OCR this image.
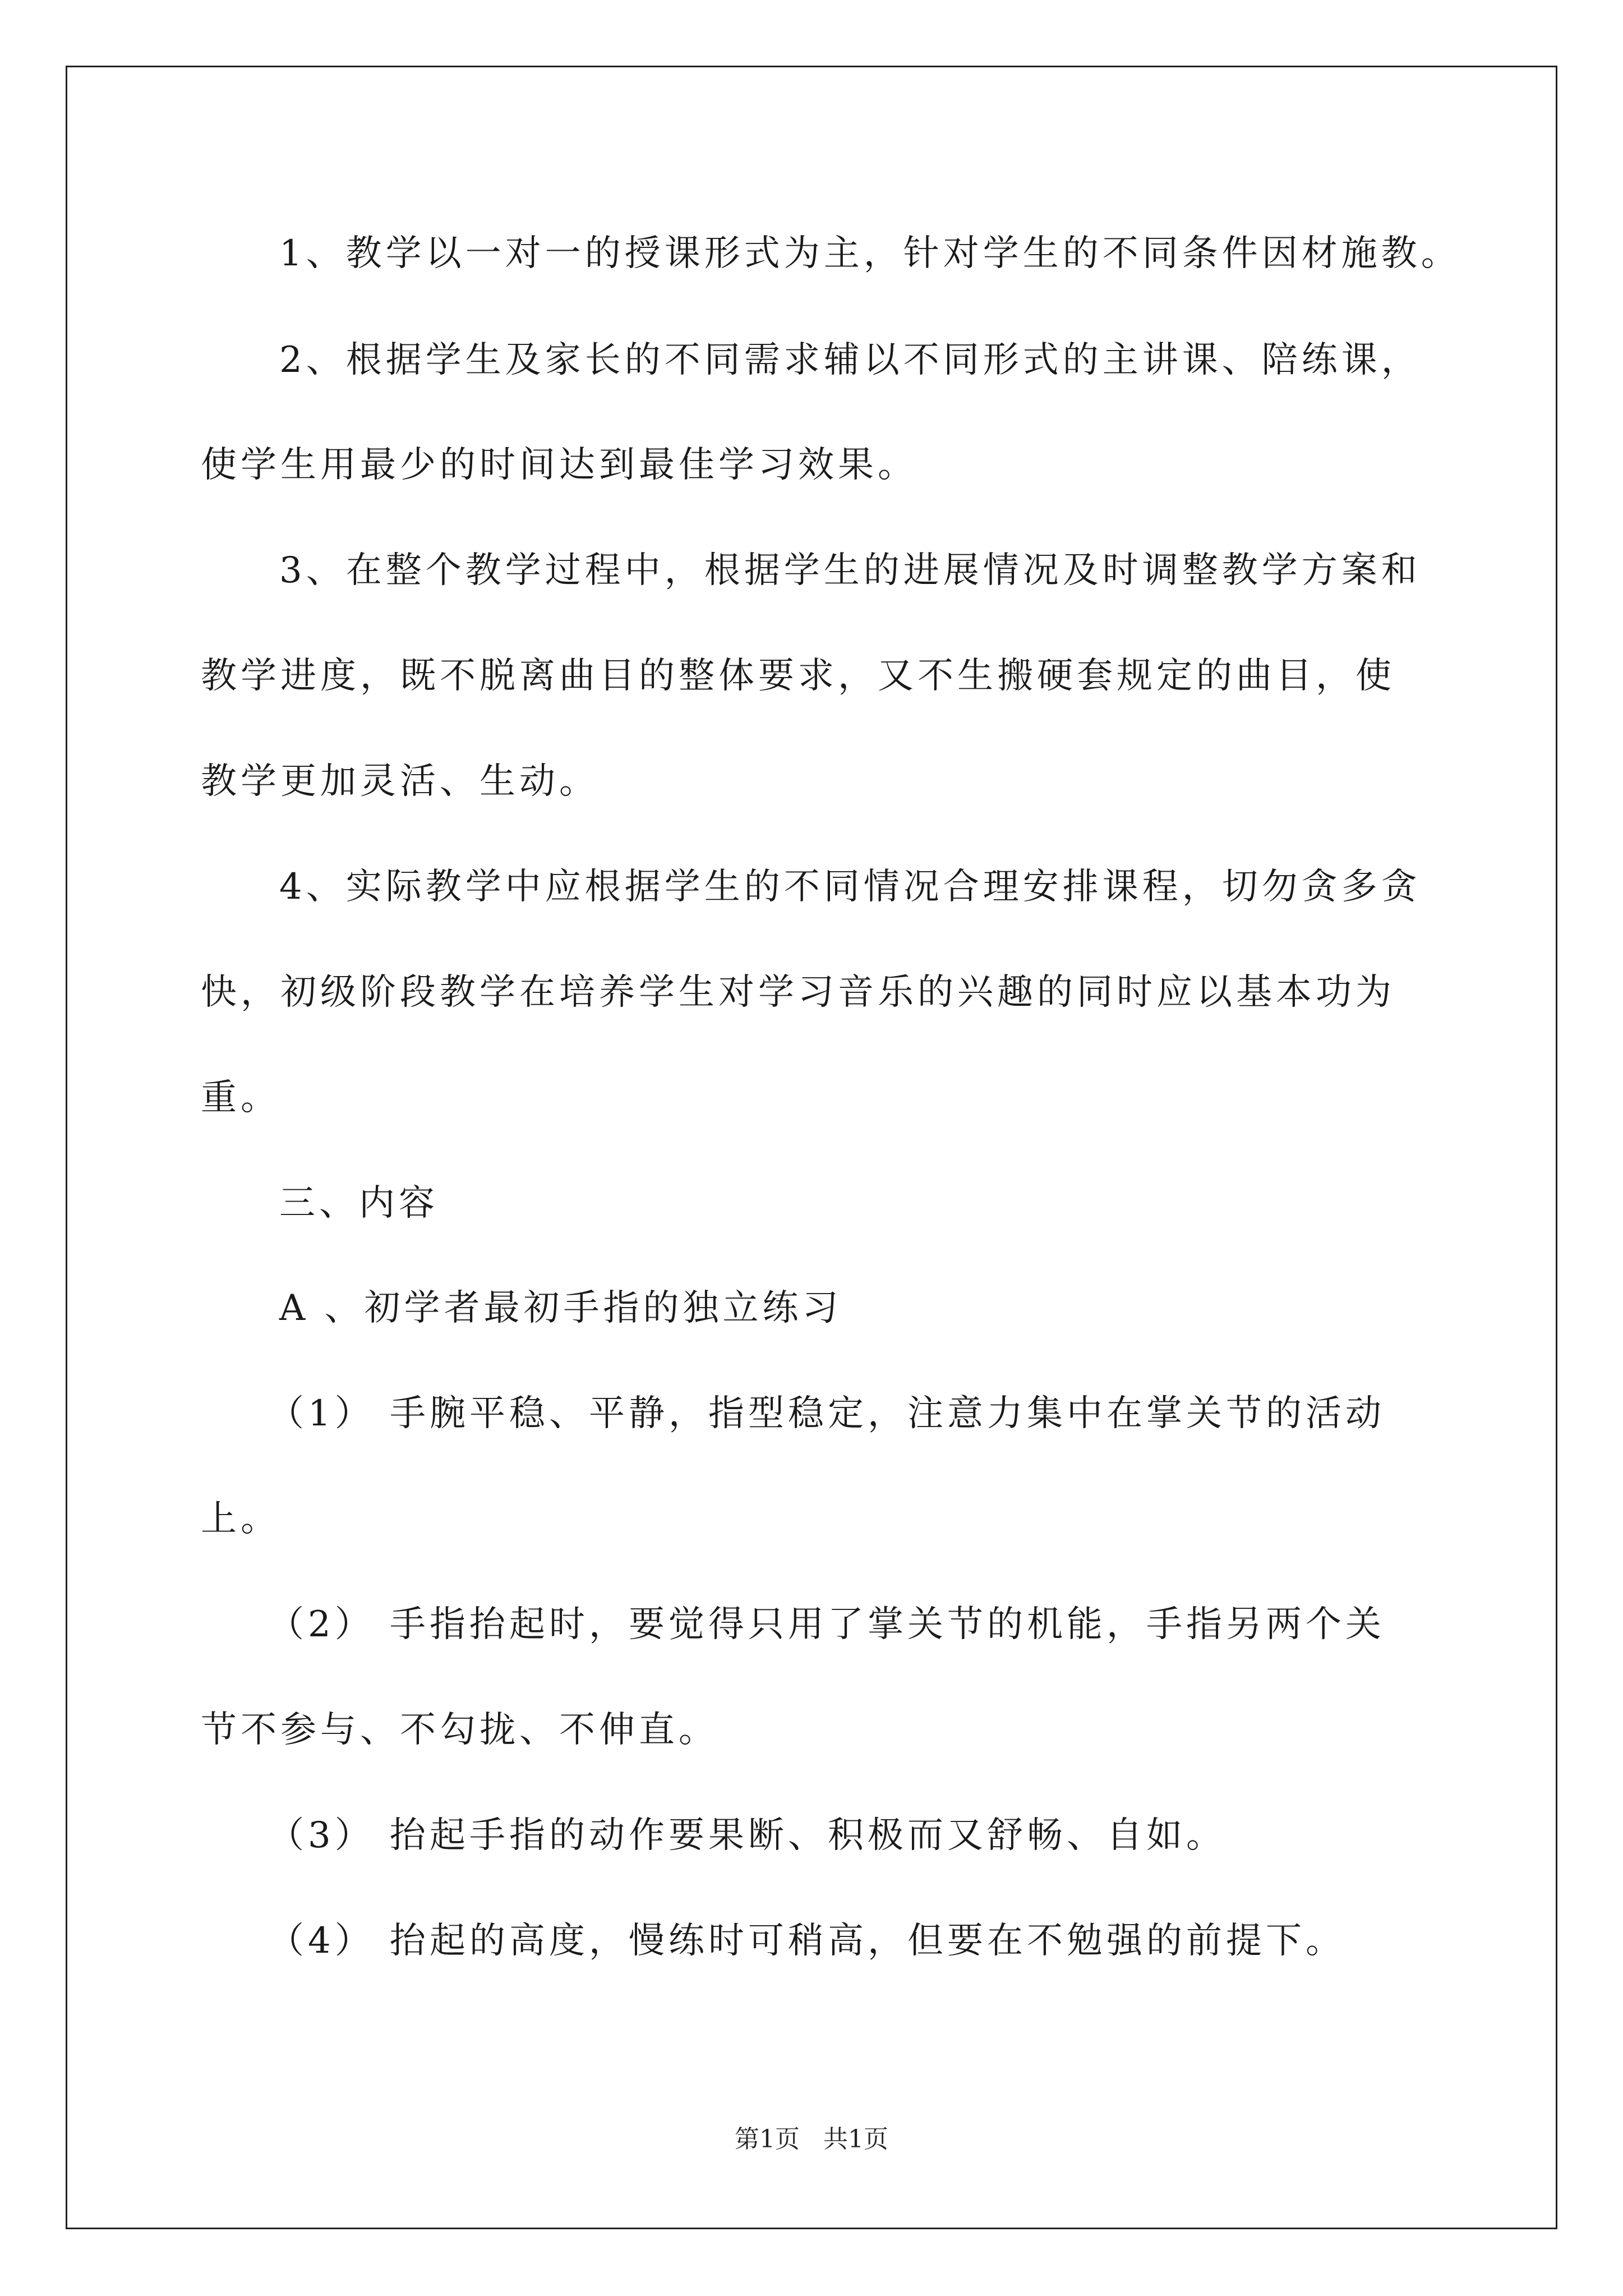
1、教学以一对一的授课形式为主，针对学生的不同条件因材施教。
2、根据学生及家长的不同需求辅以不同形式的主讲课、陪练课，
使学生用最少的时间达到最佳学习效果。
3、在整个教学过程中，根据学生的进展情况及时调整教学方案和
教学进度，既不脱离曲目的整体要求，又不生搬硬套规定的曲目，使
教学更加灵活、生动。
4、实际教学中应根据学生的不同情况合理安排课程，切勿贪多贪
快，初级阶段教学在培养学生对学习音乐的兴趣的同时应以基本功为
重。
三、内容
A 、初学者最初手指的独立练习
（1） 手腕平稳、平静，指型稳定，注意力集中在掌关节的活动
上。
（2） 手指抬起时，要觉得只用了掌关节的机能，手指另两个关
节不参与、不勾拢、不伸直。
（3） 抬起手指的动作要果断、积极而又舒畅、自如。
（4） 抬起的高度，慢练时可稍高，但要在不勉强的前提下。
第1页 共1页
